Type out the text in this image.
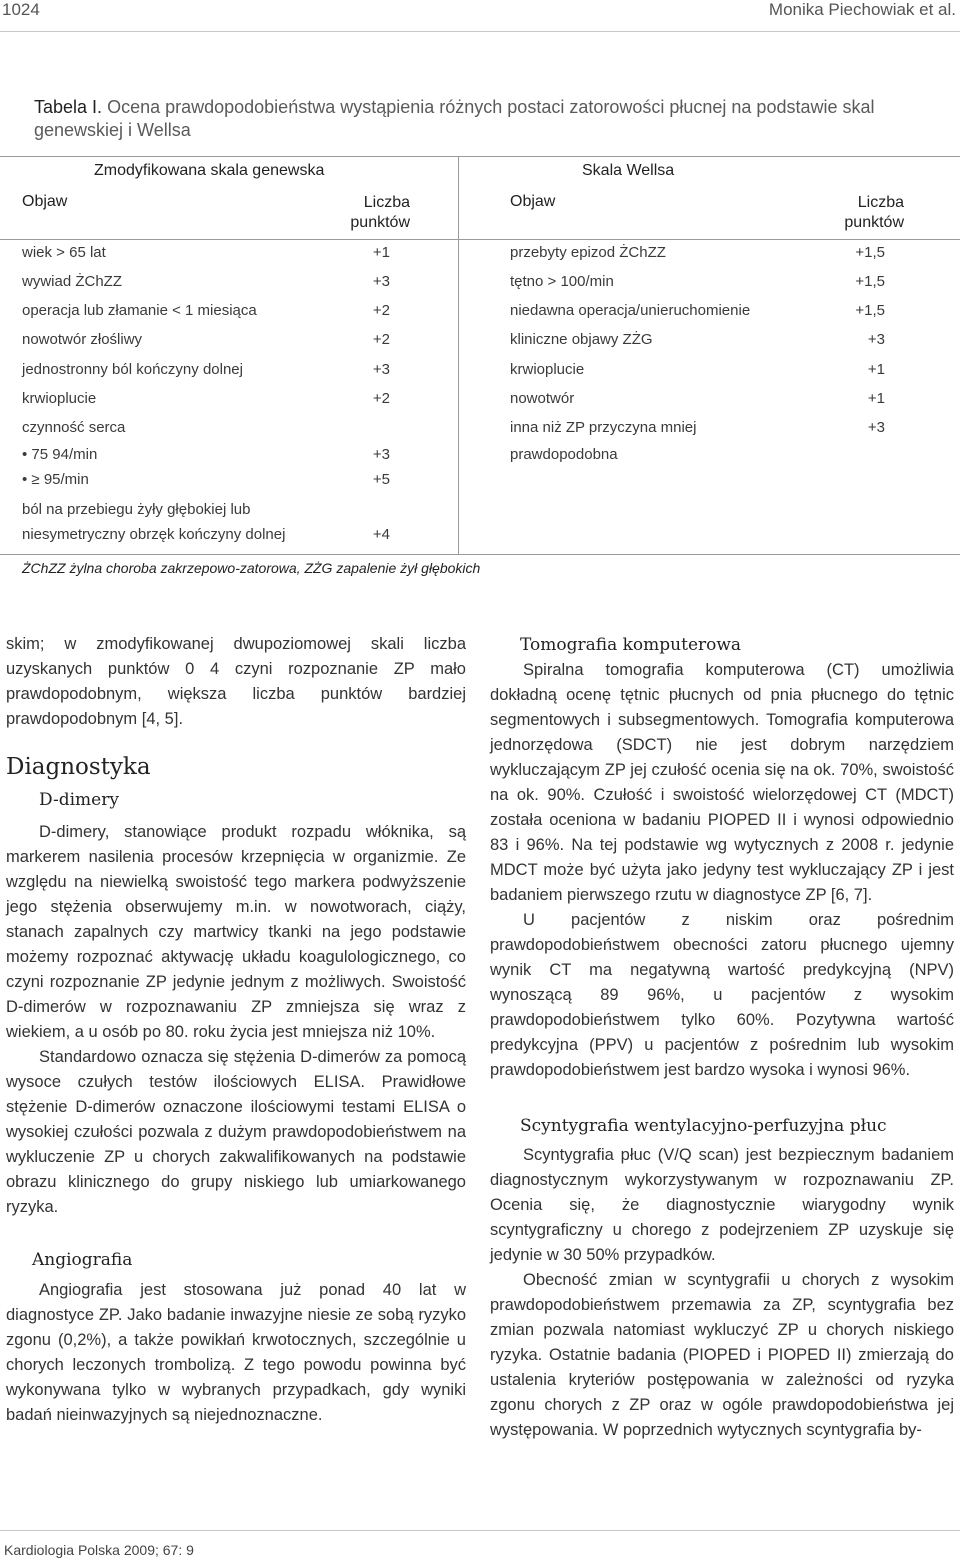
1024	Monika Piechowiak et al.
Tabela I. Ocena prawdopodobieństwa wystąpienia różnych postaci zatorowości płucnej na podstawie skal genewskiej i Wellsa
Zmodyfikowana skala genewska	Skala Wellsa
Objaw	Liczba
punktów
Objaw	Liczba
punktów
wiek > 65 lat	+1
wywiad ŻChZZ	+3
operacja lub złamanie < 1 miesiąca	+2
nowotwór złośliwy	+2
jednostronny ból kończyny dolnej	+3
krwioplucie	+2
czynność serca
• 75 94/min	+3
• ≥ 95/min	+5
ból na przebiegu żyły głębokiej lub
niesymetryczny obrzęk kończyny dolnej	+4
przebyty epizod ŻChZZ	+1,5
tętno > 100/min	+1,5
niedawna operacja/unieruchomienie	+1,5
kliniczne objawy ZŻG	+3
krwioplucie	+1
nowotwór	+1
inna niż ZP przyczyna mniej	+3
prawdopodobna
ŻChZZ żylna choroba zakrzepowo-zatorowa, ZŻG zapalenie żył głębokich

skim; w zmodyfikowanej dwupoziomowej skali liczba uzyskanych punktów 0 4 czyni rozpoznanie ZP mało prawdopodobnym, większa liczba punktów bardziej prawdopodobnym [4, 5].

Diagnostyka
D-dimery

D-dimery, stanowiące produkt rozpadu włóknika, są markerem nasilenia procesów krzepnięcia w organizmie. Ze względu na niewielką swoistość tego markera podwyższenie jego stężenia obserwujemy m.in. w nowotworach, ciąży, stanach zapalnych czy martwicy tkanki na jego podstawie możemy rozpoznać aktywację układu koagulologicznego, co czyni rozpoznanie ZP jedynie jednym z możliwych. Swoistość D-dimerów w rozpoznawaniu ZP zmniejsza się wraz z wiekiem, a u osób po 80. roku życia jest mniejsza niż 10%.

Standardowo oznacza się stężenia D-dimerów za pomocą wysoce czułych testów ilościowych ELISA. Prawidłowe stężenie D-dimerów oznaczone ilościowymi testami ELISA o wysokiej czułości pozwala z dużym prawdopodobieństwem na wykluczenie ZP u chorych zakwalifikowanych na podstawie obrazu klinicznego do grupy niskiego lub umiarkowanego ryzyka.

Angiografia

Angiografia jest stosowana już ponad 40 lat w diagnostyce ZP. Jako badanie inwazyjne niesie ze sobą ryzyko zgonu (0,2%), a także powikłań krwotocznych, szczególnie u chorych leczonych trombolizą. Z tego powodu powinna być wykonywana tylko w wybranych przypadkach, gdy wyniki badań nieinwazyjnych są niejednoznaczne.

Tomografia komputerowa

Spiralna tomografia komputerowa (CT) umożliwia dokładną ocenę tętnic płucnych od pnia płucnego do tętnic segmentowych i subsegmentowych. Tomografia komputerowa jednorzędowa (SDCT) nie jest dobrym narzędziem wykluczającym ZP jej czułość ocenia się na ok. 70%, swoistość na ok. 90%. Czułość i swoistość wielorzędowej CT (MDCT) została oceniona w badaniu PIOPED II i wynosi odpowiednio 83 i 96%. Na tej podstawie wg wytycznych z 2008 r. jedynie MDCT może być użyta jako jedyny test wykluczający ZP i jest badaniem pierwszego rzutu w diagnostyce ZP [6, 7].

U pacjentów z niskim oraz pośrednim prawdopodobieństwem obecności zatoru płucnego ujemny wynik CT ma negatywną wartość predykcyjną (NPV) wynoszącą 89 96%, u pacjentów z wysokim prawdopodobieństwem tylko 60%. Pozytywna wartość predykcyjna (PPV) u pacjentów z pośrednim lub wysokim prawdopodobieństwem jest bardzo wysoka i wynosi 96%.

Scyntygrafia wentylacyjno-perfuzyjna płuc

Scyntygrafia płuc (V/Q scan) jest bezpiecznym badaniem diagnostycznym wykorzystywanym w rozpoznawaniu ZP. Ocenia się, że diagnostycznie wiarygodny wynik scyntygraficzny u chorego z podejrzeniem ZP uzyskuje się jedynie w 30 50% przypadków.

Obecność zmian w scyntygrafii u chorych z wysokim prawdopodobieństwem przemawia za ZP, scyntygrafia bez zmian pozwala natomiast wykluczyć ZP u chorych niskiego ryzyka. Ostatnie badania (PIOPED i PIOPED II) zmierzają do ustalenia kryteriów postępowania w zależności od ryzyka zgonu chorych z ZP oraz w ogóle prawdopodobieństwa jej występowania. W poprzednich wytycznych scyntygrafia by-

Kardiologia Polska 2009; 67: 9
